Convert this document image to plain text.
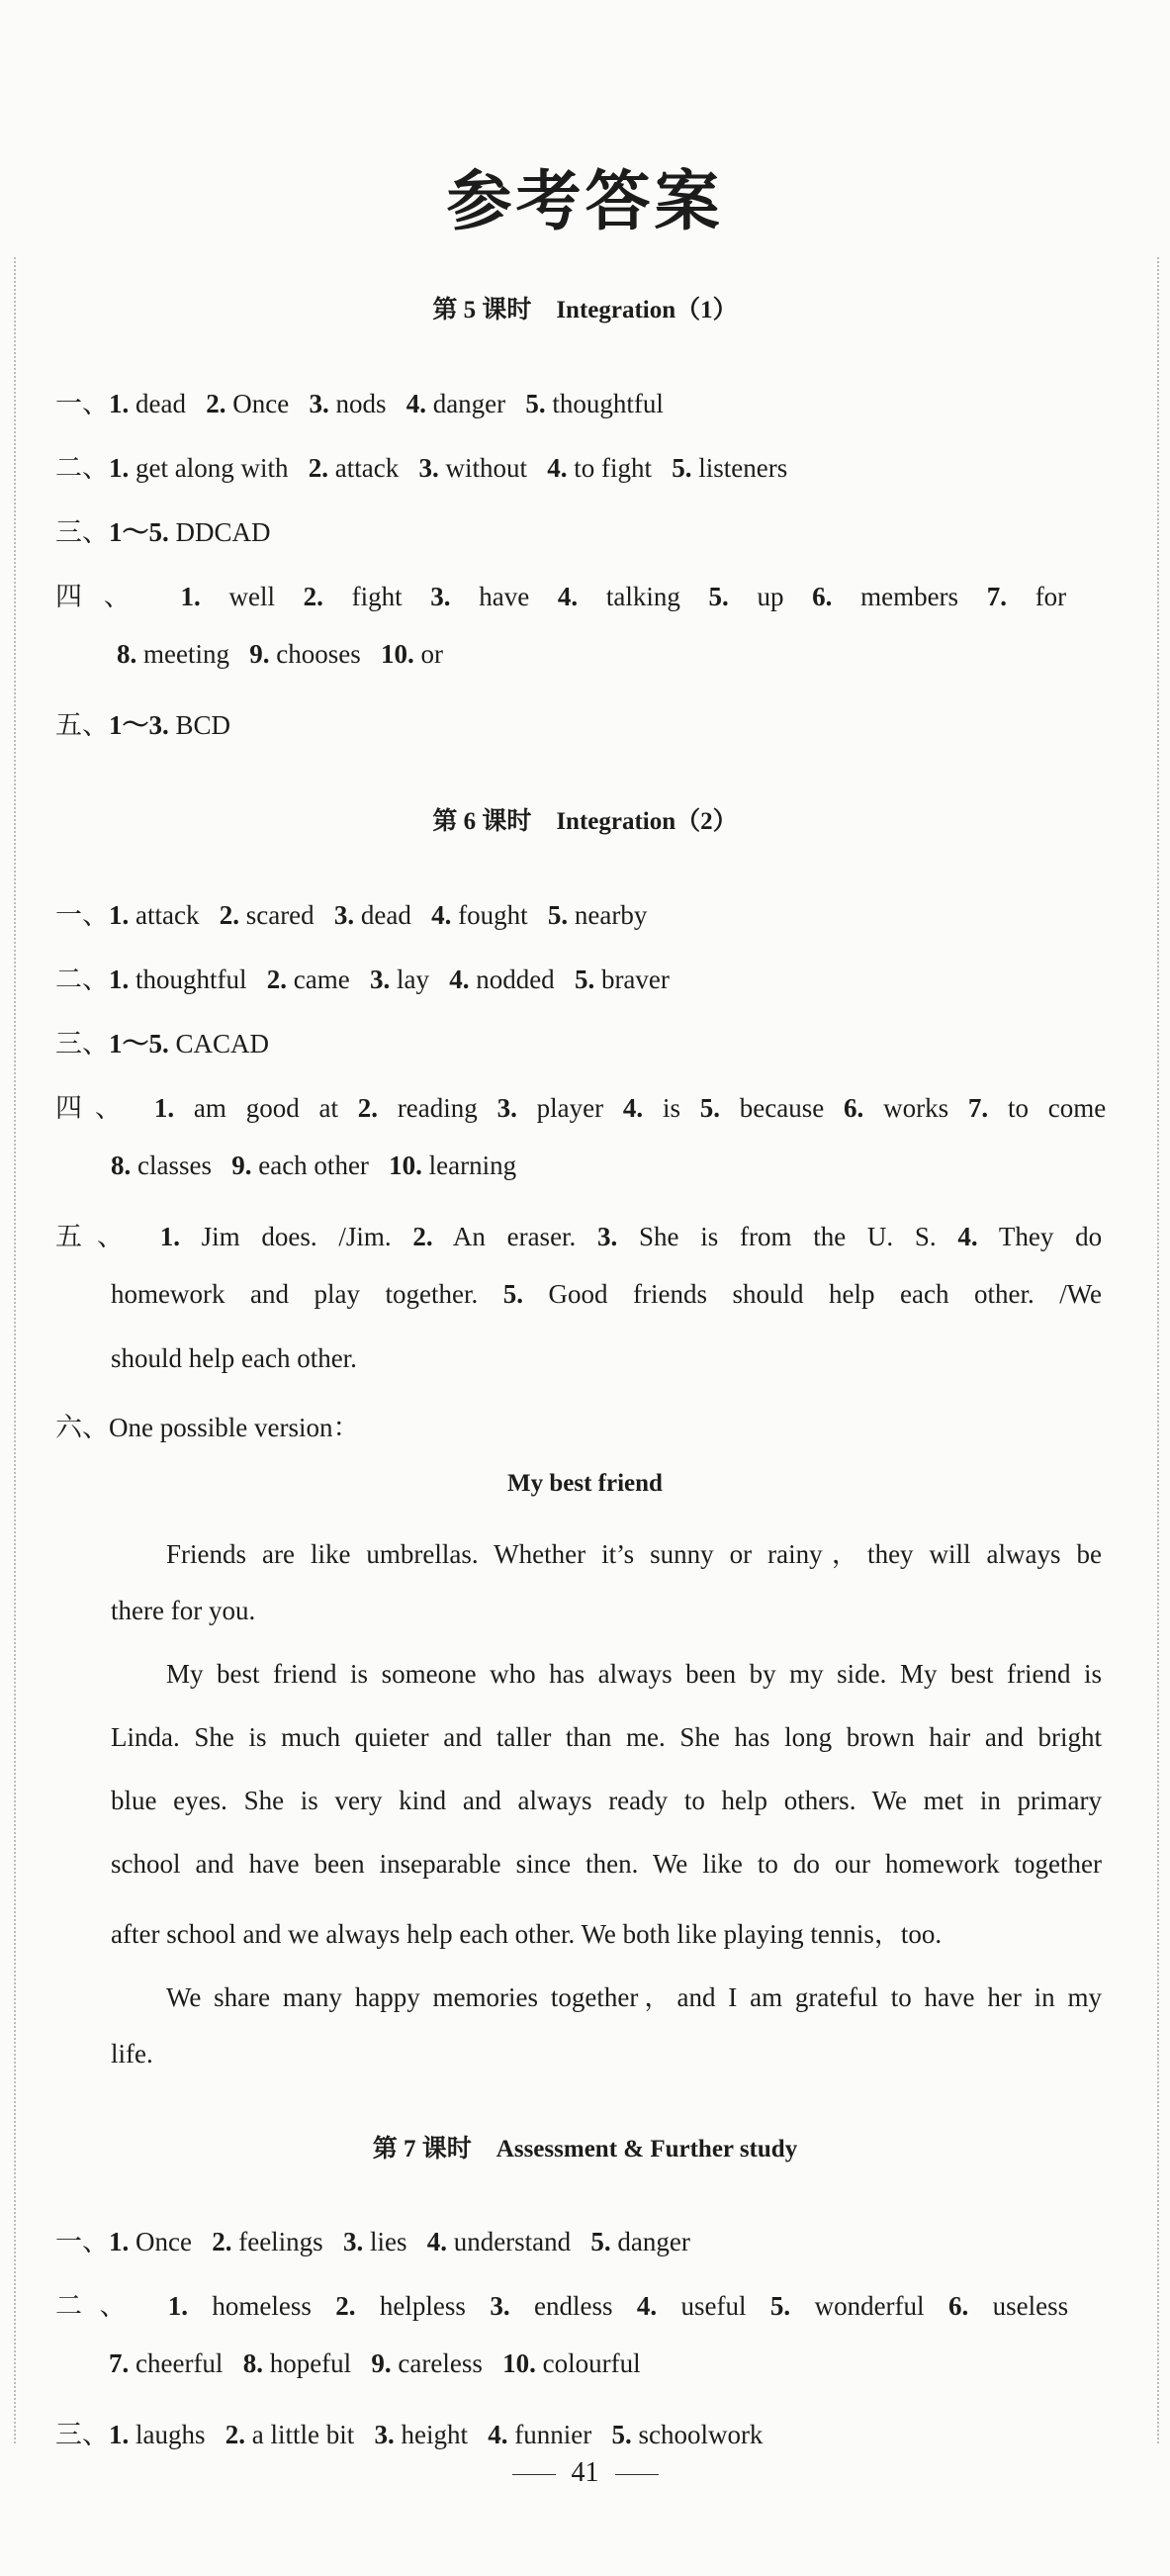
参考答案
第 5 课时　Integration（1）
一、1. dead 2. Once 3. nods 4. danger 5. thoughtful
二、1. get along with 2. attack 3. without 4. to fight 5. listeners
三、1～5. DDCAD
四、 1. well 2. fight 3. have 4. talking 5. up 6. members 7. for
8. meeting 9. chooses 10. or
五、1～3. BCD
第 6 课时　Integration（2）
一、1. attack 2. scared 3. dead 4. fought 5. nearby
二、1. thoughtful 2. came 3. lay 4. nodded 5. braver
三、1～5. CACAD
四、 1. am good at 2. reading 3. player 4. is 5. because 6. works 7. to come
8. classes 9. each other 10. learning
五、 1. Jim does. /Jim. 2. An eraser. 3. She is from the U. S. 4. They do
homework and play together. 5. Good friends should help each other. /We
should help each other.
六、One possible version：
My best friend
Friends are like umbrellas. Whether it’s sunny or rainy，they will always be
there for you.
My best friend is someone who has always been by my side. My best friend is
Linda. She is much quieter and taller than me. She has long brown hair and bright
blue eyes. She is very kind and always ready to help others. We met in primary
school and have been inseparable since then. We like to do our homework together
after school and we always help each other. We both like playing tennis，too.
We share many happy memories together，and I am grateful to have her in my
life.
第 7 课时　Assessment & Further study
一、1. Once 2. feelings 3. lies 4. understand 5. danger
二、 1. homeless 2. helpless 3. endless 4. useful 5. wonderful 6. useless
7. cheerful 8. hopeful 9. careless 10. colourful
三、1. laughs 2. a little bit 3. height 4. funnier 5. schoolwork
41
